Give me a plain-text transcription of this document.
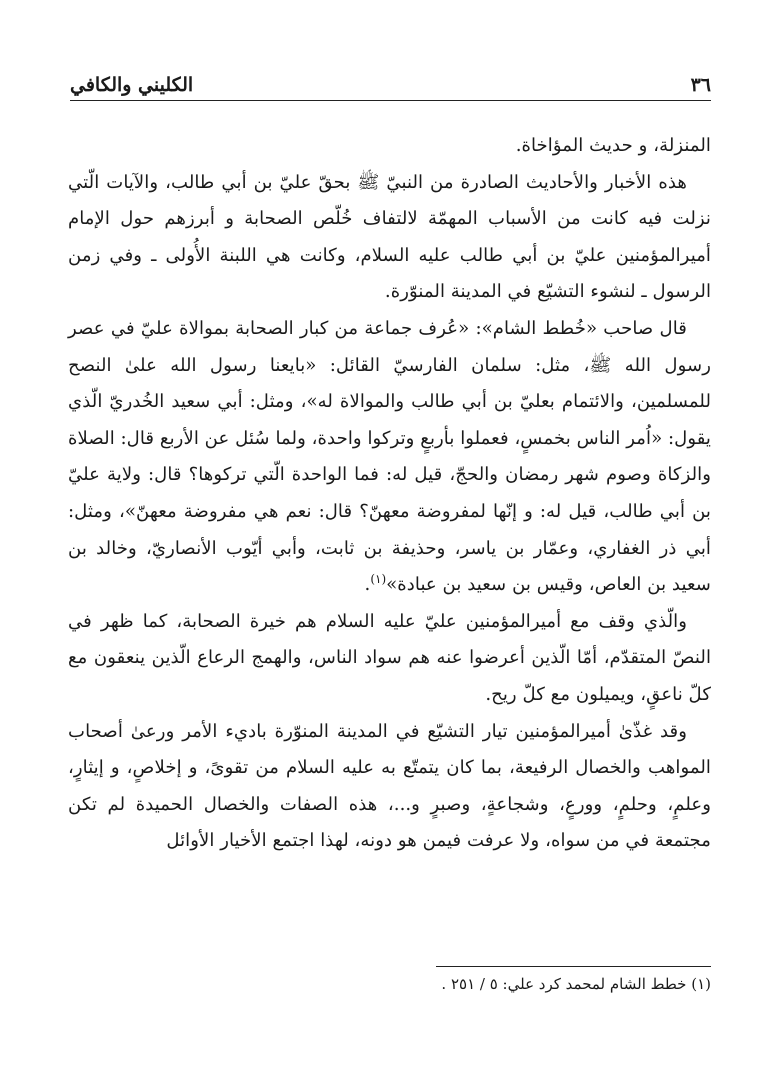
٣٦
الكليني والكافي

المنزلة، و حديث المؤاخاة.

هذه الأخبار والأحاديث الصادرة من النبيّ ﷺ بحقّ عليّ بن أبي طالب، والآيات الّتي نزلت فيه كانت من الأسباب المهمّة لالتفاف خُلّص الصحابة و أبرزهم حول الإمام أميرالمؤمنين عليّ بن أبي طالب عليه السلام، وكانت هي اللبنة الأُولى ـ وفي زمن الرسول ـ لنشوء التشيّع في المدينة المنوّرة.

قال صاحب «خُطط الشام»: «عُرف جماعة من كبار الصحابة بموالاة عليّ في عصر رسول الله ﷺ، مثل: سلمان الفارسيّ القائل: «بايعنا رسول الله علىٰ النصح للمسلمين، والائتمام بعليّ بن أبي طالب والموالاة له»، ومثل: أبي سعيد الخُدريّ الّذي يقول: «اُمر الناس بخمسٍ، فعملوا بأربعٍ وتركوا واحدة، ولما سُئل عن الأربع قال: الصلاة والزكاة وصوم شهر رمضان والحجّ، قيل له: فما الواحدة الّتي تركوها؟ قال: ولاية عليّ بن أبي طالب، قيل له: و إنّها لمفروضة معهنّ؟ قال: نعم هي مفروضة معهنّ»، ومثل: أبي ذر الغفاري، وعمّار بن ياسر، وحذيفة بن ثابت، وأبي أيّوب الأنصاريّ، وخالد بن سعيد بن العاص، وقيس بن سعيد بن عبادة»$^{(١)}$.

والّذي وقف مع أميرالمؤمنين عليّ عليه السلام هم خيرة الصحابة، كما ظهر في النصّ المتقدّم، أمّا الّذين أعرضوا عنه هم سواد الناس، والهمج الرعاع الّذين ينعقون مع كلّ ناعقٍ، ويميلون مع كلّ ريح.

وقد غذّىٰ أميرالمؤمنين تيار التشيّع في المدينة المنوّرة باديء الأمر ورعىٰ أصحاب المواهب والخصال الرفيعة، بما كان يتمتّع به عليه السلام من تقوىً، و إخلاصٍ، و إيثارٍ، وعلمٍ، وحلمٍ، وورعٍ، وشجاعةٍ، وصبرٍ و...، هذه الصفات والخصال الحميدة لم تكن مجتمعة في من سواه، ولا عرفت فيمن هو دونه، لهذا اجتمع الأخيار الأوائل

(١) خطط الشام لمحمد كرد علي: ٥ / ٢٥١ .
